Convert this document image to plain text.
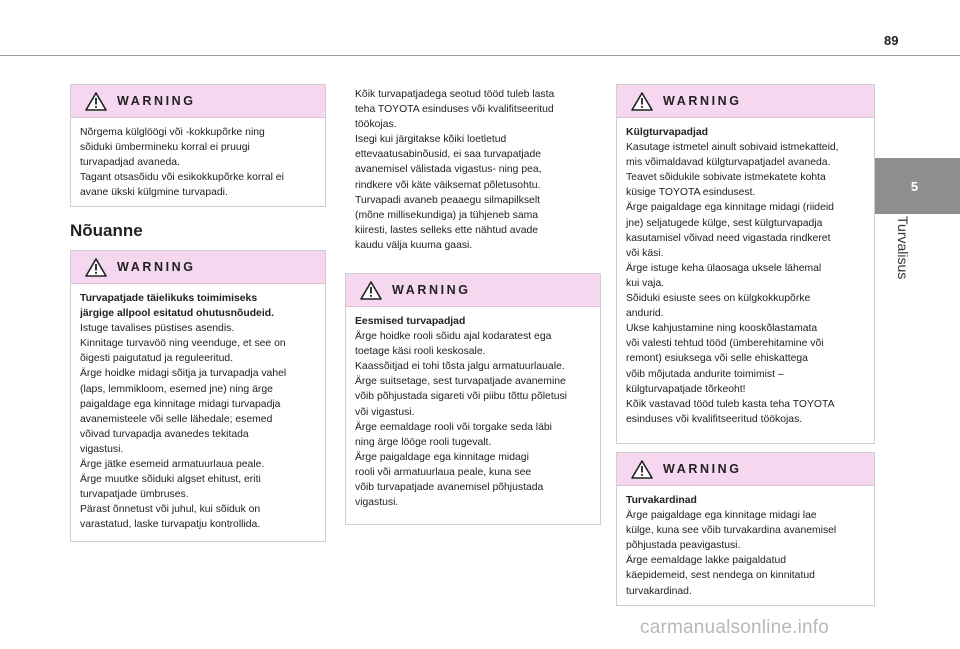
89
5
Turvalisus
WARNING
Nõrgema külglöögi või -kokkupõrke ning
sõiduki ümbermineku korral ei pruugi
turvapadjad avaneda.
Tagant otsasõidu või esikokkupõrke korral ei
avane ükski külgmine turvapadi.
Nõuanne
WARNING
Turvapatjade täielikuks toimimiseks
järgige allpool esitatud ohutusnõudeid.
Istuge tavalises püstises asendis.
Kinnitage turvavöö ning veenduge, et see on
õigesti paigutatud ja reguleeritud.
Ärge hoidke midagi sõitja ja turvapadja vahel
(laps, lemmikloom, esemed jne) ning ärge
paigaldage ega kinnitage midagi turvapadja
avanemisteele või selle lähedale; esemed
võivad turvapadja avanedes tekitada
vigastusi.
Ärge jätke esemeid armatuurlaua peale.
Ärge muutke sõiduki algset ehitust, eriti
turvapatjade ümbruses.
Pärast õnnetust või juhul, kui sõiduk on
varastatud, laske turvapatju kontrollida.
Kõik turvapatjadega seotud tööd tuleb lasta
teha TOYOTA esinduses või kvalifitseeritud
töökojas.
Isegi kui järgitakse kõiki loetletud
ettevaatusabinõusid, ei saa turvapatjade
avanemisel välistada vigastus- ning pea,
rindkere või käte väiksemat põletusohtu.
Turvapadi avaneb peaaegu silmapilkselt
(mõne millisekundiga) ja tühjeneb sama
kiiresti, lastes selleks ette nähtud avade
kaudu välja kuuma gaasi.
WARNING
Eesmised turvapadjad
Ärge hoidke rooli sõidu ajal kodaratest ega
toetage käsi rooli keskosale.
Kaassõitjad ei tohi tõsta jalgu armatuurlauale.
Ärge suitsetage, sest turvapatjade avanemine
võib põhjustada sigareti või piibu tõttu põletusi
või vigastusi.
Ärge eemaldage rooli või torgake seda läbi
ning ärge lööge rooli tugevalt.
Ärge paigaldage ega kinnitage midagi
rooli või armatuurlaua peale, kuna see
võib turvapatjade avanemisel põhjustada
vigastusi.
WARNING
Külgturvapadjad
Kasutage istmetel ainult sobivaid istmekatteid,
mis võimaldavad külgturvapatjadel avaneda.
Teavet sõidukile sobivate istmekatete kohta
küsige TOYOTA esindusest.
Ärge paigaldage ega kinnitage midagi (riideid
jne) seljatugede külge, sest külgturvapadja
kasutamisel võivad need vigastada rindkeret
või käsi.
Ärge istuge keha ülaosaga uksele lähemal
kui vaja.
Sõiduki esiuste sees on külgkokkupõrke
andurid.
Ukse kahjustamine ning kooskõlastamata
või valesti tehtud tööd (ümberehitamine või
remont) esiuksega või selle ehiskattega
võib mõjutada andurite toimimist –
külgturvapatjade tõrkeoht!
Kõik vastavad tööd tuleb kasta teha TOYOTA
esinduses või kvalifitseeritud töökojas.
WARNING
Turvakardinad
Ärge paigaldage ega kinnitage midagi lae
külge, kuna see võib turvakardina avanemisel
põhjustada peavigastusi.
Ärge eemaldage lakke paigaldatud
käepidemeid, sest nendega on kinnitatud
turvakardinad.
carmanualsonline.info
